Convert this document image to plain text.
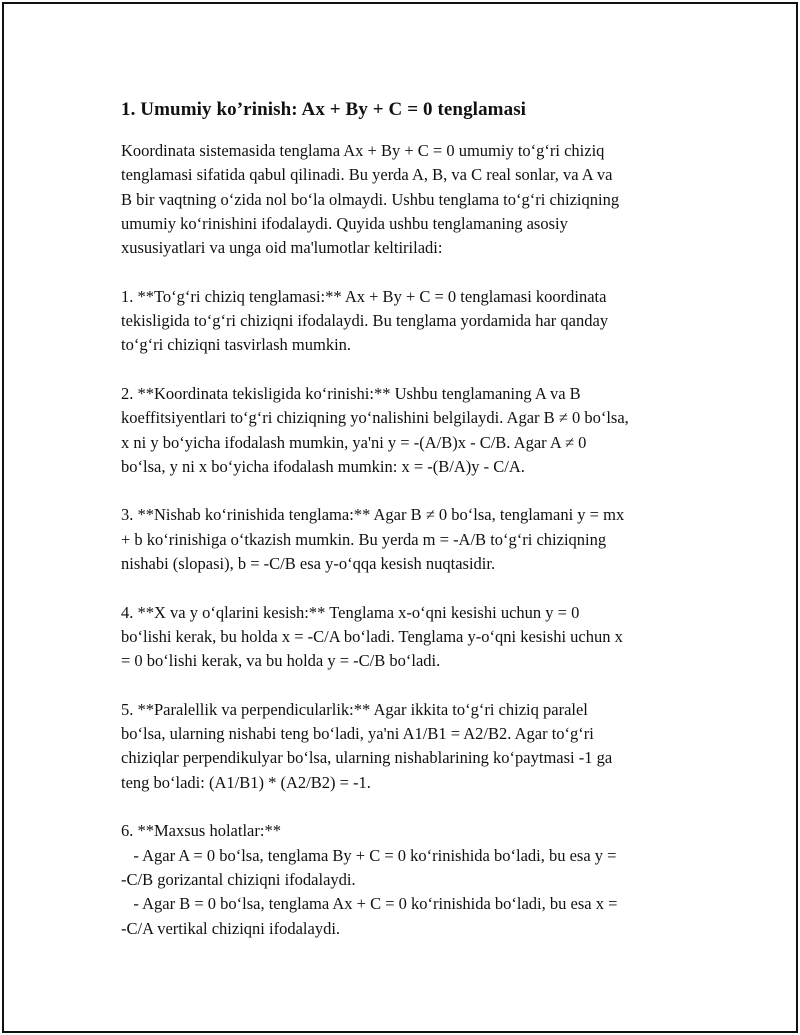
1. Umumiy koʼrinish: Ax + By + C = 0 tenglamasi

Koordinata sistemasida tenglama Ax + By + C = 0 umumiy toʻgʻri chiziq
tenglamasi sifatida qabul qilinadi. Bu yerda A, B, va C real sonlar, va A va
B bir vaqtning oʻzida nol boʻla olmaydi. Ushbu tenglama toʻgʻri chiziqning
umumiy koʻrinishini ifodalaydi. Quyida ushbu tenglamaning asosiy
xususiyatlari va unga oid ma'lumotlar keltiriladi:

1. **Toʻgʻri chiziq tenglamasi:** Ax + By + C = 0 tenglamasi koordinata
tekisligida toʻgʻri chiziqni ifodalaydi. Bu tenglama yordamida har qanday
toʻgʻri chiziqni tasvirlash mumkin.

2. **Koordinata tekisligida koʻrinishi:** Ushbu tenglamaning A va B
koeffitsiyentlari toʻgʻri chiziqning yoʻnalishini belgilaydi. Agar B ≠ 0 boʻlsa,
x ni y boʻyicha ifodalash mumkin, ya'ni y = -(A/B)x - C/B. Agar A ≠ 0
boʻlsa, y ni x boʻyicha ifodalash mumkin: x = -(B/A)y - C/A.

3. **Nishab koʻrinishida tenglama:** Agar B ≠ 0 boʻlsa, tenglamani y = mx
+ b koʻrinishiga oʻtkazish mumkin. Bu yerda m = -A/B toʻgʻri chiziqning
nishabi (slopasi), b = -C/B esa y-oʻqqa kesish nuqtasidir.

4. **X va y oʻqlarini kesish:** Tenglama x-oʻqni kesishi uchun y = 0
boʻlishi kerak, bu holda x = -C/A boʻladi. Tenglama y-oʻqni kesishi uchun x
= 0 boʻlishi kerak, va bu holda y = -C/B boʻladi.

5. **Paralellik va perpendicularlik:** Agar ikkita toʻgʻri chiziq paralel
boʻlsa, ularning nishabi teng boʻladi, ya'ni A1/B1 = A2/B2. Agar toʻgʻri
chiziqlar perpendikulyar boʻlsa, ularning nishablarining koʻpaytmasi -1 ga
teng boʻladi: (A1/B1) * (A2/B2) = -1.

6. **Maxsus holatlar:**
- Agar A = 0 boʻlsa, tenglama By + C = 0 koʻrinishida boʻladi, bu esa y =
-C/B gorizantal chiziqni ifodalaydi.
- Agar B = 0 boʻlsa, tenglama Ax + C = 0 koʻrinishida boʻladi, bu esa x =
-C/A vertikal chiziqni ifodalaydi.
